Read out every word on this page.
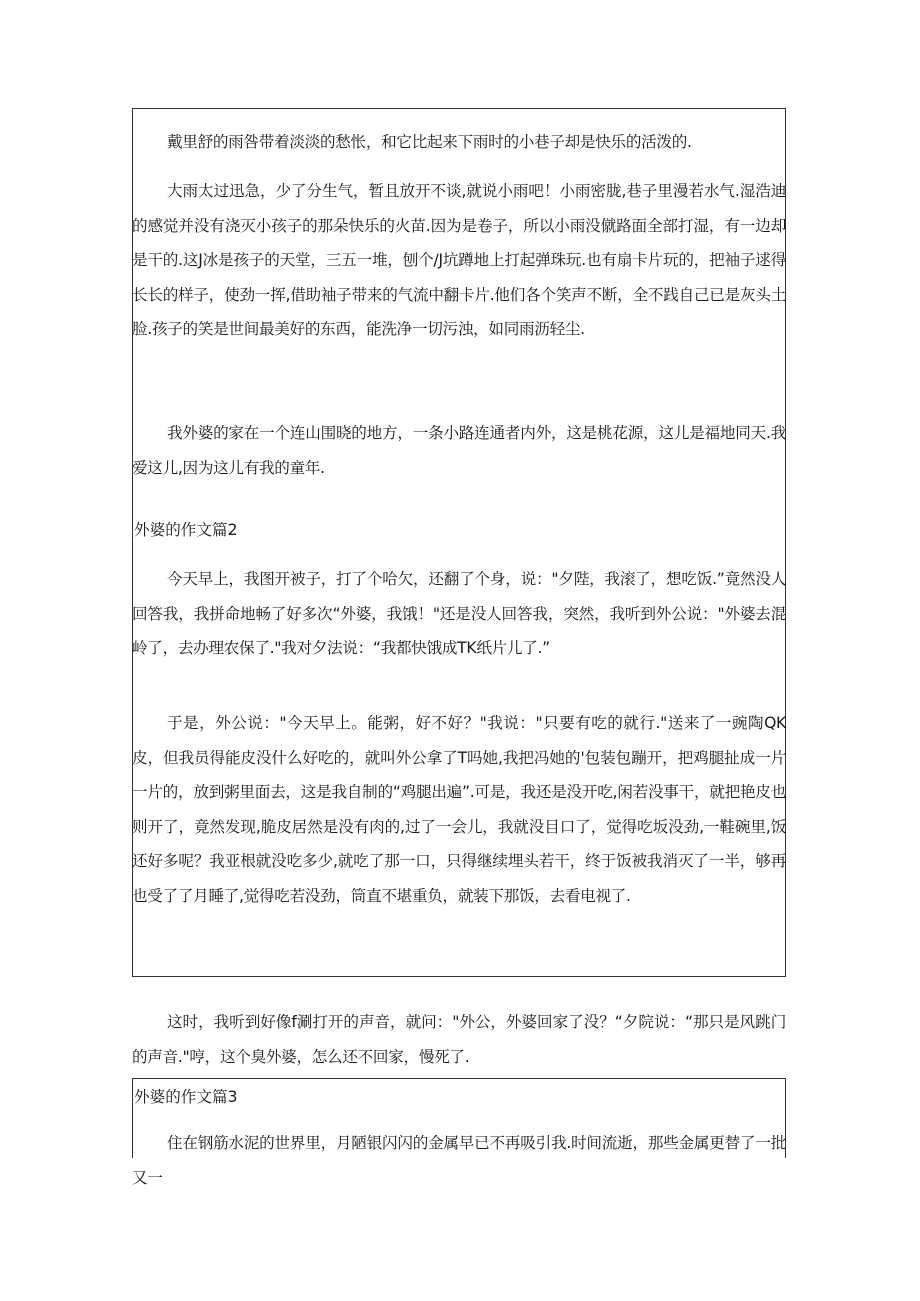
戴里舒的雨咎带着淡淡的愁怅，和它比起来下雨时的小巷子却是快乐的活泼的.

大雨太过迅急，少了分生气，暂且放开不谈,就说小雨吧！小雨密胧,巷子里漫若水气.湿浩迪的感觉并没有浇灭小孩子的那朵快乐的火苗.因为是卷子，所以小雨没僦路面全部打湿，有一边却是干的.这J冰是孩子的天堂，三五一堆，刨个/J坑蹲地上打起弹珠玩.也有扇卡片玩的，把袖子逑得长长的样子，使劲一挥,借助袖子带来的气流中翻卡片.他们各个笑声不断，全不践自己已是灰头土脸.孩子的笑是世间最美好的东西，能洗净一切污浊，如同雨沥轻尘.

我外婆的家在一个连山围晓的地方，一条小路连通者内外，这是桃花源，这儿是福地同天.我爱这儿,因为这儿有我的童年.

外婆的作文篇2

今天早上，我图开被子，打了个哈欠，还翻了个身，说："夕陛，我滚了，想吃饭.”竟然没人回答我，我拼命地畅了好多次“外婆，我饿！"还是没人回答我，突然，我听到外公说："外婆去混岭了，去办理农保了."我对夕法说：“我都快饿成TK纸片儿了.”

于是，外公说："今天早上。能粥，好不好？"我说："只要有吃的就行."送来了一豌陶QK皮，但我员得能皮没什么好吃的，就叫外公拿了T吗她,我把冯她的'包装包蹦开，把鸡腿扯成一片一片的，放到粥里面去，这是我自制的“鸡腿出遍”.可是，我还是没开吃,闲若没事干，就把艳皮也则开了，竟然发现,脆皮居然是没有肉的,过了一会儿，我就没目口了，觉得吃坂没劲,一鞋碗里,饭还好多呢？我亚根就没吃多少,就吃了那一口，只得继续埋头若干，终于饭被我消灭了一半，够再也受了了月睡了,觉得吃若没劲，筒直不堪重负，就装下那饭，去看电视了.

这时，我听到好像f涮打开的声音，就问："外公，外婆回家了没？“夕院说：“那只是风跳门的声音."哼，这个臭外婆，怎么还不回家，慢死了.

外婆的作文篇3

住在钢筋水泥的世界里，月陋银闪闪的金属早已不再吸引我.时间流逝，那些金属更替了一批又一
